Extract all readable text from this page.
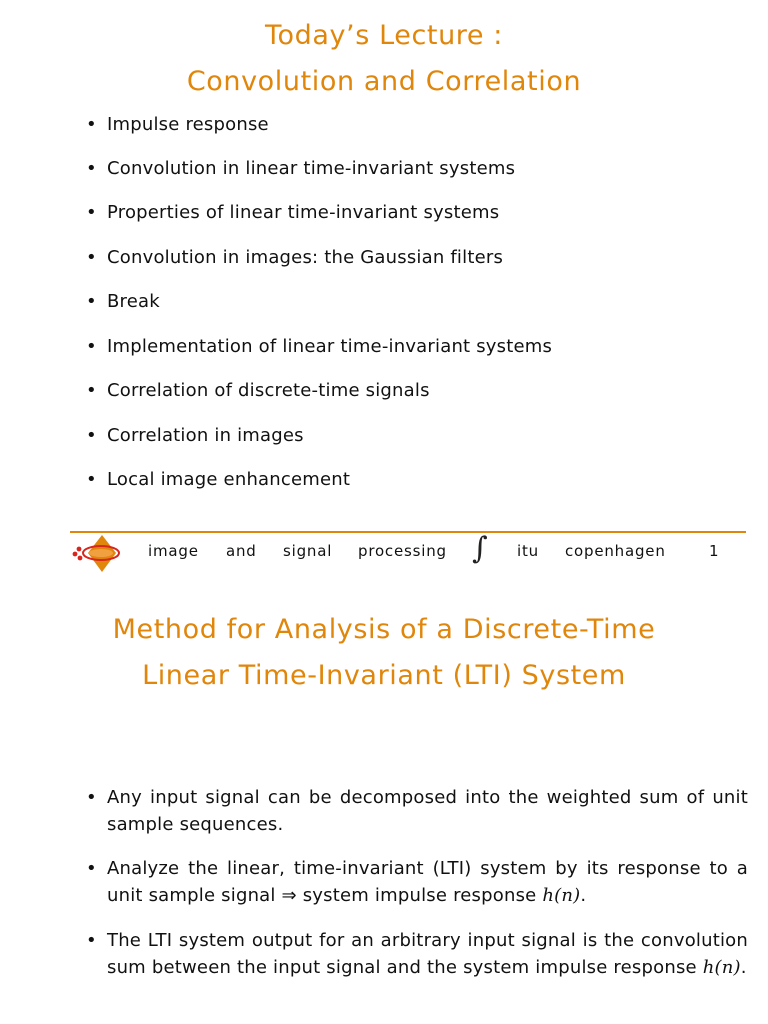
Today’s Lecture :
Convolution and Correlation
• Impulse response
• Convolution in linear time-invariant systems
• Properties of linear time-invariant systems
• Convolution in images: the Gaussian filters
• Break
• Implementation of linear time-invariant systems
• Correlation of discrete-time signals
• Correlation in images
• Local image enhancement
image and signal processing ∫ itu copenhagen	1
Method for Analysis of a Discrete-Time
Linear Time-Invariant (LTI) System
• Any input signal can be decomposed into the weighted sum of unit sample sequences.
• Analyze the linear, time-invariant (LTI) system by its response to a unit sample signal ⇒ system impulse response h(n).
• The LTI system output for an arbitrary input signal is the convolution sum between the input signal and the system impulse response h(n).
